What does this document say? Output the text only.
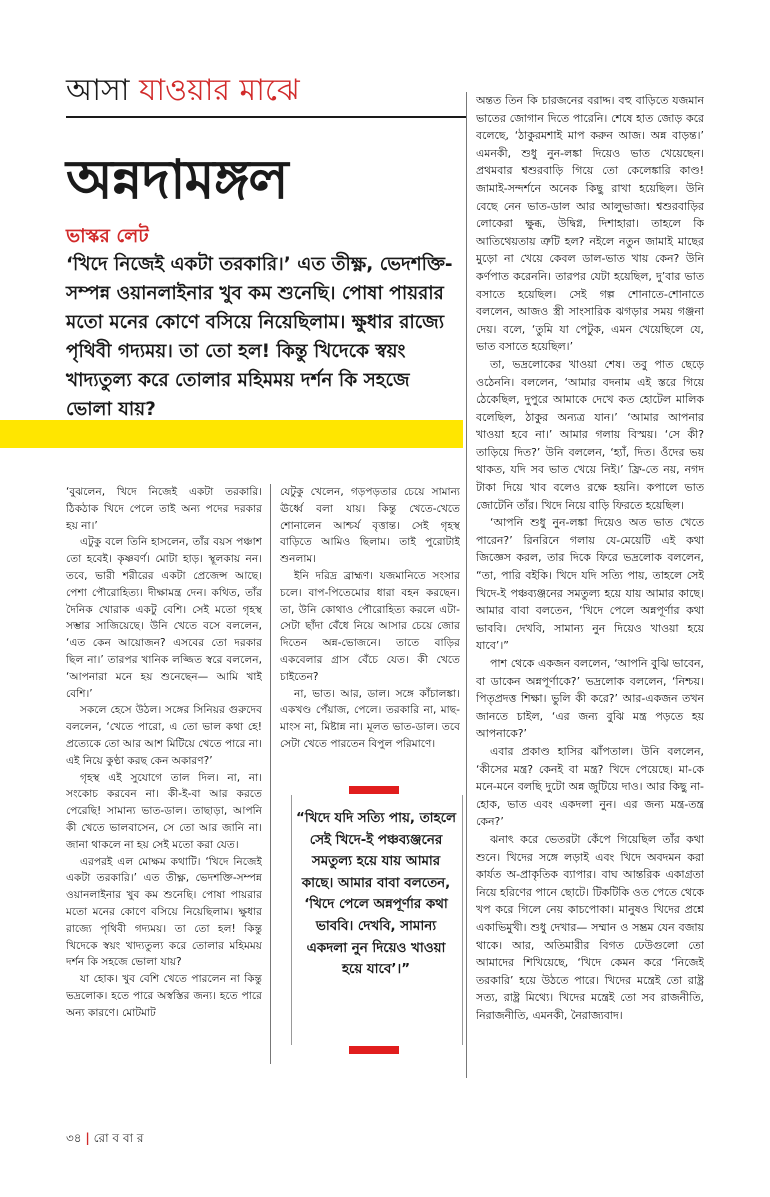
আসা যাওয়ার মাঝে
অন্নদামঙ্গল
ভাস্কর লেট
‘খিদে নিজেই একটা তরকারি।’ এত তীক্ষ্ণ, ভেদশক্তি-সম্পন্ন ওয়ানলাইনার খুব কম শুনেছি। পোষা পায়রার মতো মনের কোণে বসিয়ে নিয়েছিলাম। ক্ষুধার রাজ্যে পৃথিবী গদ্যময়। তা তো হল! কিন্তু খিদেকে স্বয়ং খাদ্যতুল্য করে তোলার মহিমময় দর্শন কি সহজে ভোলা যায়?

‘বুঝলেন, খিদে নিজেই একটা তরকারি। ঠিকঠাক খিদে পেলে তাই অন্য পদের দরকার হয় না।’

এটুকু বলে তিনি হাসলেন, তাঁর বয়স পঞ্চাশ তো হবেই। কৃষ্ণবর্ণ। মোটা হাড়। স্থূলকায় নন। তবে, ভারী শরীরের একটা প্রেজেন্স আছে। পেশা পৌরোহিত্য। দীক্ষামন্ত্র দেন। কথিত, তাঁর দৈনিক খোরাক একটু বেশি। সেই মতো গৃহস্থ সম্ভার সাজিয়েছে। উনি খেতে বসে বললেন, ‘এত কেন আয়োজন? এসবের তো দরকার ছিল না।’ তারপর খানিক লজ্জিত স্বরে বললেন, ‘আপনারা মনে হয় শুনেছেন— আমি খাই বেশি।’

সকলে হেসে উঠল। সঙ্গের সিনিয়র গুরুদেব বললেন, ‘খেতে পারো, এ তো ভাল কথা হে! প্রত্যেকে তো আর আশ মিটিয়ে খেতে পারে না। এই নিয়ে কুণ্ঠা করছ কেন অকারণ?’

গৃহস্থ এই সুযোগে তাল দিল। না, না। সংকোচ করবেন না। কী-ই-বা আর করতে পেরেছি! সামান্য ভাত-ডাল। তাছাড়া, আপনি কী খেতে ভালবাসেন, সে তো আর জানি না। জানা থাকলে না হয় সেই মতো করা যেত।

এরপরই এল মোক্ষম কথাটি। ‘খিদে নিজেই একটা তরকারি।’ এত তীক্ষ্ণ, ভেদশক্তি-সম্পন্ন ওয়ানলাইনার খুব কম শুনেছি। পোষা পায়রার মতো মনের কোণে বসিয়ে নিয়েছিলাম। ক্ষুধার রাজ্যে পৃথিবী গদ্যময়। তা তো হল! কিন্তু খিদেকে স্বয়ং খাদ্যতুল্য করে তোলার মহিমময় দর্শন কি সহজে ভোলা যায়?

যা হোক। খুব বেশি খেতে পারলেন না কিন্তু ভদ্রলোক। হতে পারে অস্বস্তির জন্য। হতে পারে অন্য কারণে। মোটমাট

যেটুকু খেলেন, গড়পড়তার চেয়ে সামান্য ঊর্ধ্বে বলা যায়। কিন্তু খেতে-খেতে শোনালেন আশ্চর্য বৃত্তান্ত। সেই গৃহস্থ বাড়িতে আমিও ছিলাম। তাই পুরোটাই শুনলাম।

ইনি দরিদ্র ব্রাহ্মণ। যজমানিতে সংসার চলে। বাপ-পিতেমোর ধারা বহন করছেন। তা, উনি কোথাও পৌরোহিত্য করলে এটা-সেটা ছাঁদা বেঁধে নিয়ে আসার চেয়ে জোর দিতেন অন্ন-ভোজনে। তাতে বাড়ির একবেলার গ্রাস বেঁচে যেত। কী খেতে চাইতেন?

না, ভাত। আর, ডাল। সঙ্গে কাঁচালঙ্কা। একখণ্ড পেঁয়াজ, পেলে। তরকারি না, মাছ-মাংস না, মিষ্টান্ন না। মূলত ভাত-ডাল। তবে সেটা খেতে পারতেন বিপুল পরিমাণে।

“খিদে যদি সত্যি পায়, তাহলে সেই খিদে-ই পঞ্চব্যঞ্জনের সমতুল্য হয়ে যায় আমার কাছে। আমার বাবা বলতেন, ‘খিদে পেলে অন্নপূর্ণার কথা ভাববি। দেখবি, সামান্য একদলা নুন দিয়েও খাওয়া হয়ে যাবে’।”

অন্তত তিন কি চারজনের বরাদ্দ। বহু বাড়িতে যজমান ভাতের জোগান দিতে পারেনি। শেষে হাত জোড় করে বলেছে, ‘ঠাকুরমশাই মাপ করুন আজ। অন্ন বাড়ন্ত।’ এমনকী, শুধু নুন-লঙ্কা দিয়েও ভাত খেয়েছেন। প্রথমবার শ্বশুরবাড়ি গিয়ে তো কেলেঙ্কারি কাণ্ড! জামাই-সন্দর্শনে অনেক কিছু রাখা হয়েছিল। উনি বেছে নেন ভাত-ডাল আর আলুভাজা। শ্বশুরবাড়ির লোকেরা ক্ষুব্ধ, উদ্বিগ্ন, দিশাহারা। তাহলে কি আতিথেয়তায় ত্রুটি হল? নইলে নতুন জামাই মাছের মুড়ো না খেয়ে কেবল ডাল-ভাত খায় কেন? উনি কর্ণপাত করেননি। তারপর যেটা হয়েছিল, দু’বার ভাত বসাতে হয়েছিল। সেই গল্প শোনাতে-শোনাতে বললেন, আজও স্ত্রী সাংসারিক ঝগড়ার সময় গঞ্জনা দেয়। বলে, ‘তুমি যা পেটুক, এমন খেয়েছিলে যে, ভাত বসাতে হয়েছিল।’

তা, ভদ্রলোকের খাওয়া শেষ। তবু পাত ছেড়ে ওঠেননি। বললেন, ‘আমার বদনাম এই স্তরে গিয়ে ঠেকেছিল, দুপুরে আমাকে দেখে কত হোটেল মালিক বলেছিল, ঠাকুর অন্যত্র যান।’ ‘আমার আপনার খাওয়া হবে না।’ আমার গলায় বিস্ময়। ‘সে কী? তাড়িয়ে দিত?’ উনি বললেন, ‘হ্যাঁ, দিত। ওঁদের ভয় থাকত, যদি সব ভাত খেয়ে নিই।’ ফ্রি-তে নয়, নগদ টাকা দিয়ে খাব বলেও রক্ষে হয়নি। কপালে ভাত জোটেনি তাঁর। খিদে নিয়ে বাড়ি ফিরতে হয়েছিল।

‘আপনি শুধু নুন-লঙ্কা দিয়েও অত ভাত খেতে পারেন?’ রিনরিনে গলায় যে-মেয়েটি এই কথা জিজ্ঞেস করল, তার দিকে ফিরে ভদ্রলোক বললেন, “তা, পারি বইকি। খিদে যদি সত্যি পায়, তাহলে সেই খিদে-ই পঞ্চব্যঞ্জনের সমতুল্য হয়ে যায় আমার কাছে। আমার বাবা বলতেন, ‘খিদে পেলে অন্নপূর্ণার কথা ভাববি। দেখবি, সামান্য নুন দিয়েও খাওয়া হয়ে যাবে’।”

পাশ থেকে একজন বললেন, ‘আপনি বুঝি ভাবেন, বা ডাকেন অন্নপূর্ণাকে?’ ভদ্রলোক বললেন, ‘নিশ্চয়। পিতৃপ্রদত্ত শিক্ষা। ভুলি কী করে?’ আর-একজন তখন জানতে চাইল, ‘এর জন্য বুঝি মন্ত্র পড়তে হয় আপনাকে?’

এবার প্রকাণ্ড হাসির ঝাঁপতাল। উনি বললেন, ‘কীসের মন্ত্র? কেনই বা মন্ত্র? খিদে পেয়েছে। মা-কে মনে-মনে বলছি দুটো অন্ন জুটিয়ে দাও। আর কিছু না-হোক, ভাত এবং একদলা নুন। এর জন্য মন্ত্র-তন্ত্র কেন?’

ঝনাৎ করে ভেতরটা কেঁপে গিয়েছিল তাঁর কথা শুনে। খিদের সঙ্গে লড়াই এবং খিদে অবদমন করা কার্যত অ-প্রাকৃতিক ব্যাপার। বাঘ আন্তরিক একাগ্রতা নিয়ে হরিণের পানে ছোটে। টিকটিকি ওত পেতে থেকে খপ করে গিলে নেয় কাচপোকা। মানুষও খিদের প্রশ্নে একাভিমুখী। শুধু দেখার— সম্মান ও সম্ভ্রম যেন বজায় থাকে। আর, অতিমারীর বিগত ঢেউগুলো তো আমাদের শিখিয়েছে, ‘খিদে কেমন করে ‘নিজেই তরকারি’ হয়ে উঠতে পারে। খিদের মন্ত্রেই তো রাষ্ট্র সত্য, রাষ্ট্র মিথ্যে। খিদের মন্ত্রেই তো সব রাজনীতি, নিরাজনীতি, এমনকী, নৈরাজ্যবাদ।

৩৪ | রো ব বা র
